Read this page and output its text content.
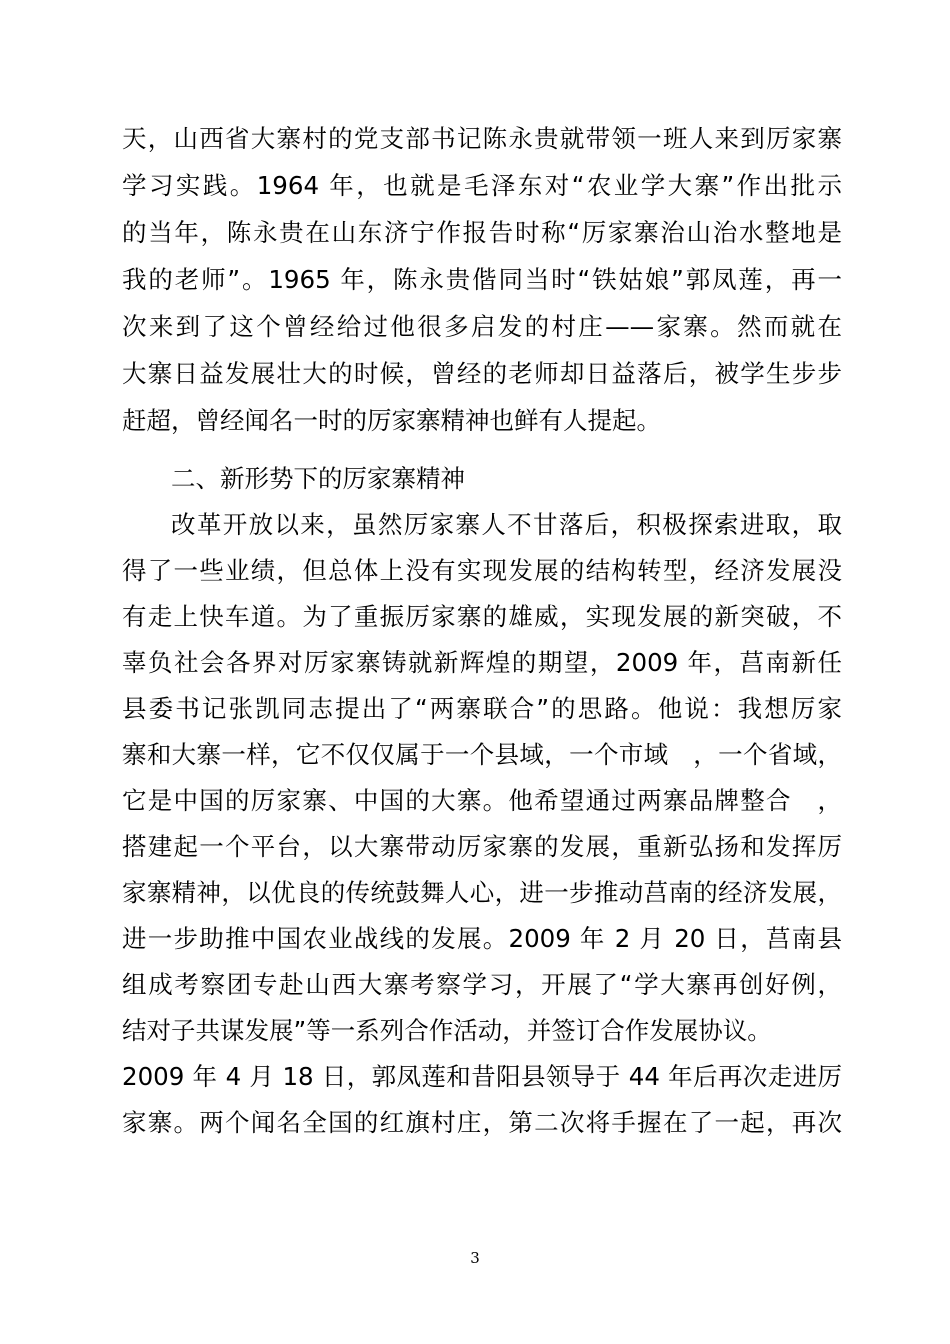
天，山西省大寨村的党支部书记陈永贵就带领一班人来到厉家寨
学习实践。1964 年，也就是毛泽东对“农业学大寨”作出批示
的当年，陈永贵在山东济宁作报告时称“厉家寨治山治水整地是
我的老师”。1965 年，陈永贵偕同当时“铁姑娘”郭凤莲，再一
次来到了这个曾经给过他很多启发的村庄——家寨。然而就在
大寨日益发展壮大的时候，曾经的老师却日益落后，被学生步步
赶超，曾经闻名一时的厉家寨精神也鲜有人提起。
二、新形势下的厉家寨精神
改革开放以来，虽然厉家寨人不甘落后，积极探索进取，取
得了一些业绩，但总体上没有实现发展的结构转型，经济发展没
有走上快车道。为了重振厉家寨的雄威，实现发展的新突破，不
辜负社会各界对厉家寨铸就新辉煌的期望，2009 年，莒南新任
县委书记张凯同志提出了“两寨联合”的思路。他说：我想厉家
寨和大寨一样，它不仅仅属于一个县域，一个市域　，一个省域，
它是中国的厉家寨、中国的大寨。他希望通过两寨品牌整合　，
搭建起一个平台，以大寨带动厉家寨的发展，重新弘扬和发挥厉
家寨精神，以优良的传统鼓舞人心，进一步推动莒南的经济发展，
进一步助推中国农业战线的发展。2009 年 2 月 20 日，莒南县
组成考察团专赴山西大寨考察学习，开展了“学大寨再创好例，
结对子共谋发展”等一系列合作活动，并签订合作发展协议。
2009 年 4 月 18 日，郭凤莲和昔阳县领导于 44 年后再次走进厉
家寨。两个闻名全国的红旗村庄，第二次将手握在了一起，再次
3
